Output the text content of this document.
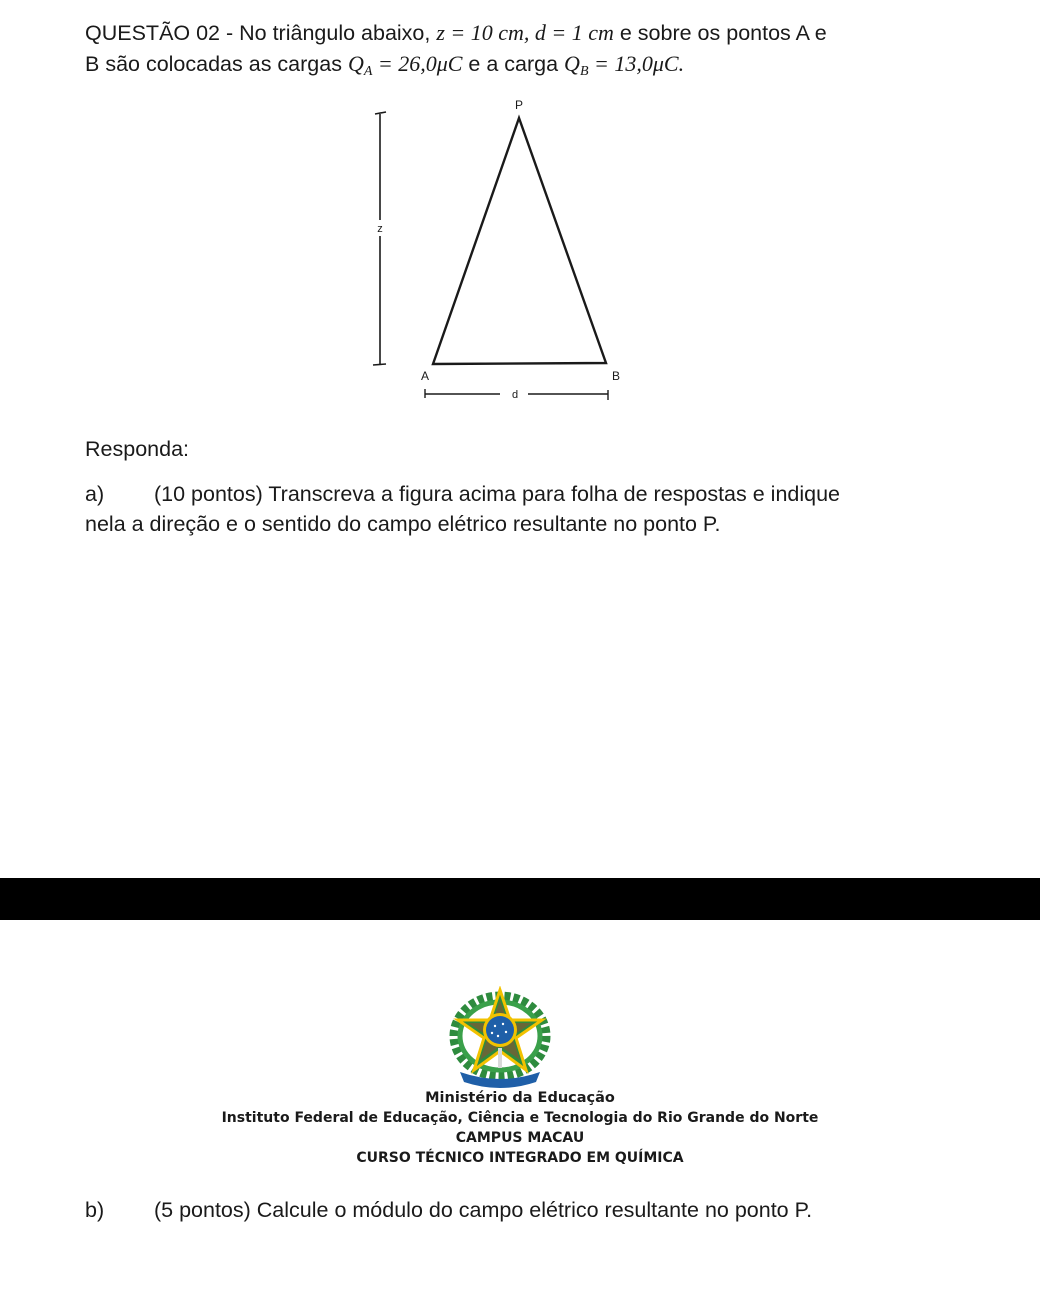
QUESTÃO 02 - No triângulo abaixo, z = 10 cm, d = 1 cm e sobre os pontos A e
B são colocadas as cargas $Q_A = 26,0\mu C$ e a carga $Q_B = 13,0\mu C$.
z
P
A	B
d
Responda:
a) (10 pontos) Transcreva a figura acima para folha de respostas e indique
nela a direção e o sentido do campo elétrico resultante no ponto P.
Ministério da Educação
Instituto Federal de Educação, Ciência e Tecnologia do Rio Grande do Norte
CAMPUS MACAU
CURSO TÉCNICO INTEGRADO EM QUÍMICA
b) (5 pontos) Calcule o módulo do campo elétrico resultante no ponto P.
